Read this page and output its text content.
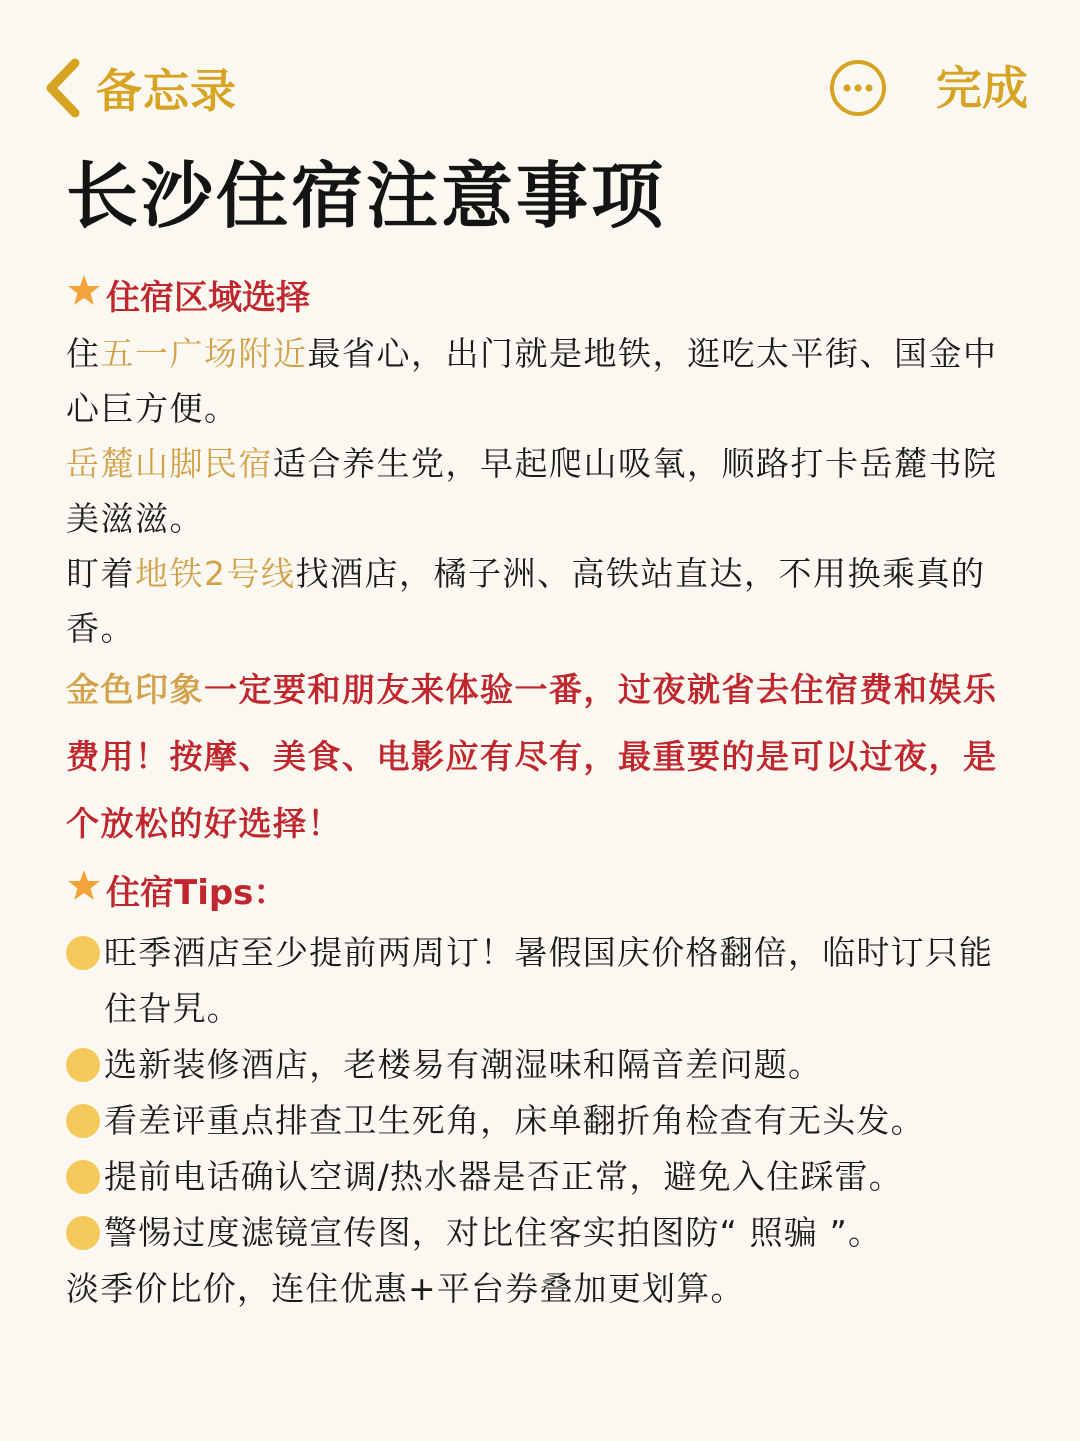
备忘录	完成
长沙住宿注意事项
住宿区域选择

住五一广场附近最省心，出门就是地铁，逛吃太平街、国金中心巨方便。

岳麓山脚民宿适合养生党，早起爬山吸氧，顺路打卡岳麓书院美滋滋。

盯着地铁2号线找酒店，橘子洲、高铁站直达，不用换乘真的香。

金色印象一定要和朋友来体验一番，过夜就省去住宿费和娱乐费用！按摩、美食、电影应有尽有，最重要的是可以过夜，是个放松的好选择！

住宿Tips：
旺季酒店至少提前两周订！暑假国庆价格翻倍，临时订只能住旮旯。
选新装修酒店，老楼易有潮湿味和隔音差问题。
看差评重点排查卫生死角，床单翻折角检查有无头发。
提前电话确认空调/热水器是否正常，避免入住踩雷。
警惕过度滤镜宣传图，对比住客实拍图防“ 照骗 ”。

淡季价比价，连住优惠+平台券叠加更划算。
